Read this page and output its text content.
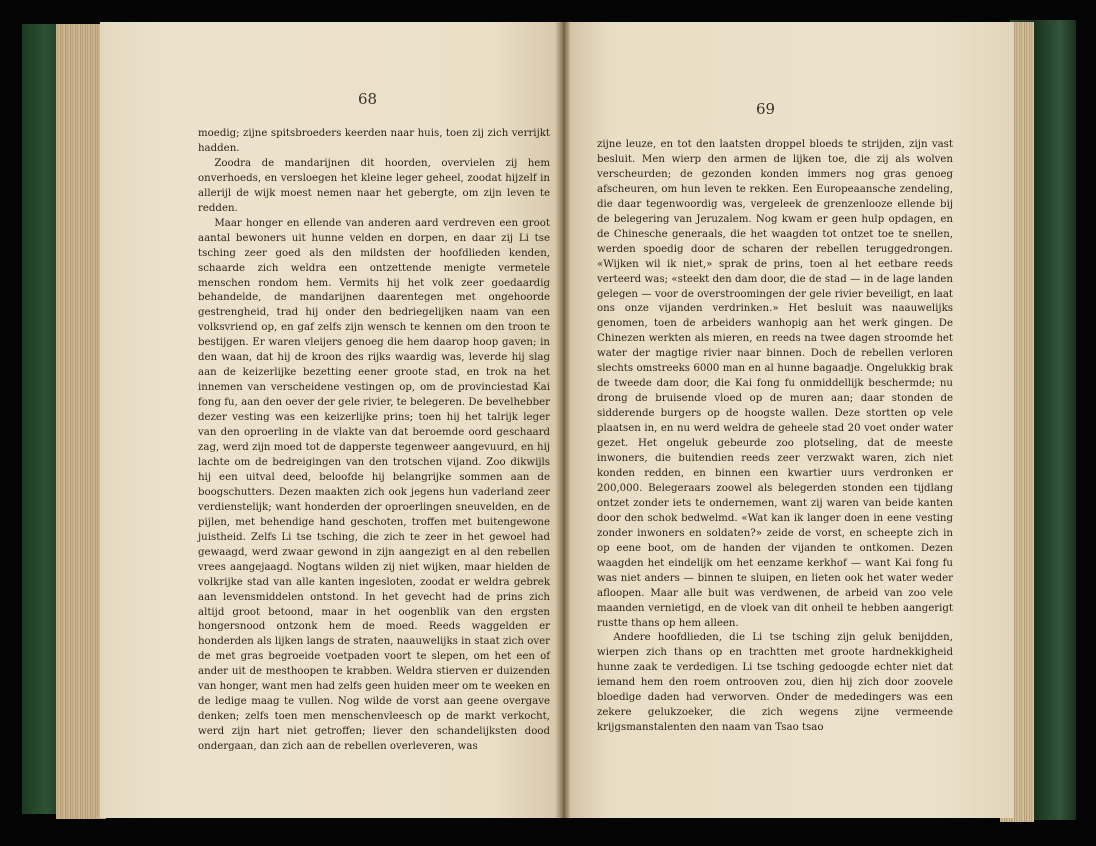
68
69

moedig; zijne spitsbroeders keerden naar huis, toen zij zich verrijkt hadden.

Zoodra de mandarijnen dit hoorden, overvielen zij hem onverhoeds, en versloegen het kleine leger geheel, zoodat hijzelf in allerijl de wijk moest nemen naar het gebergte, om zijn leven te redden.

Maar honger en ellende van anderen aard verdreven een groot aantal bewoners uit hunne velden en dorpen, en daar zij Li tse tsching zeer goed als den mildsten der hoofdlieden kenden, schaarde zich weldra een ontzettende menigte vermetele menschen rondom hem. Vermits hij het volk zeer goedaardig behandelde, de mandarijnen daarentegen met ongehoorde gestrengheid, trad hij onder den bedriegelijken naam van een volksvriend op, en gaf zelfs zijn wensch te kennen om den troon te bestijgen. Er waren vleijers genoeg die hem daarop hoop gaven; in den waan, dat hij de kroon des rijks waardig was, leverde hij slag aan de keizerlijke bezetting eener groote stad, en trok na het innemen van verscheidene vestingen op, om de provinciestad Kai fong fu, aan den oever der gele rivier, te belegeren. De bevelhebber dezer vesting was een keizerlijke prins; toen hij het talrijk leger van den oproerling in de vlakte van dat beroemde oord geschaard zag, werd zijn moed tot de dapperste tegenweer aangevuurd, en hij lachte om de bedreigingen van den trotschen vijand. Zoo dikwijls hij een uitval deed, beloofde hij belangrijke sommen aan de boogschutters. Dezen maakten zich ook jegens hun vaderland zeer verdienstelijk; want honderden der oproerlingen sneuvelden, en de pijlen, met behendige hand geschoten, troffen met buitengewone juistheid. Zelfs Li tse tsching, die zich te zeer in het gewoel had gewaagd, werd zwaar gewond in zijn aangezigt en al den rebellen vrees aangejaagd. Nogtans wilden zij niet wijken, maar hielden de volkrijke stad van alle kanten ingesloten, zoodat er weldra gebrek aan levensmiddelen ontstond. In het gevecht had de prins zich altijd groot betoond, maar in het oogenblik van den ergsten hongersnood ontzonk hem de moed. Reeds waggelden er honderden als lijken langs de straten, naauwelijks in staat zich over de met gras begroeide voetpaden voort te slepen, om het een of ander uit de mesthoopen te krabben. Weldra stierven er duizenden van honger, want men had zelfs geen huiden meer om te weeken en de ledige maag te vullen. Nog wilde de vorst aan geene overgave denken; zelfs toen men menschenvleesch op de markt verkocht, werd zijn hart niet getroffen; liever den schandelijksten dood ondergaan, dan zich aan de rebellen overleveren, was

zijne leuze, en tot den laatsten droppel bloeds te strijden, zijn vast besluit. Men wierp den armen de lijken toe, die zij als wolven verscheurden; de gezonden konden immers nog gras genoeg afscheuren, om hun leven te rekken. Een Europeaansche zendeling, die daar tegenwoordig was, vergeleek de grenzenlooze ellende bij de belegering van Jeruzalem. Nog kwam er geen hulp opdagen, en de Chinesche generaals, die het waagden tot ontzet toe te snellen, werden spoedig door de scharen der rebellen teruggedrongen. «Wijken wil ik niet,» sprak de prins, toen al het eetbare reeds verteerd was; «steekt den dam door, die de stad — in de lage landen gelegen — voor de overstroomingen der gele rivier beveiligt, en laat ons onze vijanden verdrinken.» Het besluit was naauwelijks genomen, toen de arbeiders wanhopig aan het werk gingen. De Chinezen werkten als mieren, en reeds na twee dagen stroomde het water der magtige rivier naar binnen. Doch de rebellen verloren slechts omstreeks 6000 man en al hunne bagaadje. Ongelukkig brak de tweede dam door, die Kai fong fu onmiddellijk beschermde; nu drong de bruisende vloed op de muren aan; daar stonden de sidderende burgers op de hoogste wallen. Deze stortten op vele plaatsen in, en nu werd weldra de geheele stad 20 voet onder water gezet. Het ongeluk gebeurde zoo plotseling, dat de meeste inwoners, die buitendien reeds zeer verzwakt waren, zich niet konden redden, en binnen een kwartier uurs verdronken er 200,000. Belegeraars zoowel als belegerden stonden een tijdlang ontzet zonder iets te ondernemen, want zij waren van beide kanten door den schok bedwelmd. «Wat kan ik langer doen in eene vesting zonder inwoners en soldaten?» zeide de vorst, en scheepte zich in op eene boot, om de handen der vijanden te ontkomen. Dezen waagden het eindelijk om het eenzame kerkhof — want Kai fong fu was niet anders — binnen te sluipen, en lieten ook het water weder afloopen. Maar alle buit was verdwenen, de arbeid van zoo vele maanden vernietigd, en de vloek van dit onheil te hebben aangerigt rustte thans op hem alleen.

Andere hoofdlieden, die Li tse tsching zijn geluk benijdden, wierpen zich thans op en trachtten met groote hardnekkigheid hunne zaak te verdedigen. Li tse tsching gedoogde echter niet dat iemand hem den roem ontrooven zou, dien hij zich door zoovele bloedige daden had verworven. Onder de mededingers was een zekere gelukzoeker, die zich wegens zijne vermeende krijgsmanstalenten den naam van Tsao tsao
